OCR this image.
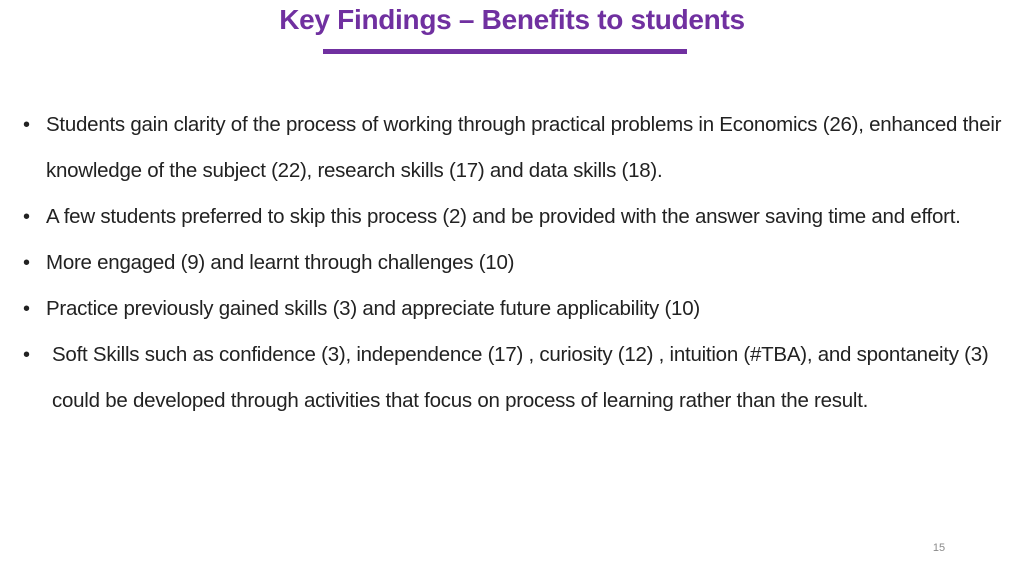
Key Findings – Benefits to students
• Students gain clarity of the process of working through practical problems in Economics (26), enhanced their knowledge of the subject (22), research skills (17) and data skills (18).
• A few students preferred to skip this process (2) and be provided with the answer saving time and effort.
• More engaged (9) and learnt through challenges (10)
• Practice previously gained skills (3) and appreciate future applicability (10)
• Soft Skills such as confidence (3), independence (17) , curiosity (12) , intuition (#TBA), and spontaneity (3) could be developed through activities that focus on process of learning rather than the result.
15
